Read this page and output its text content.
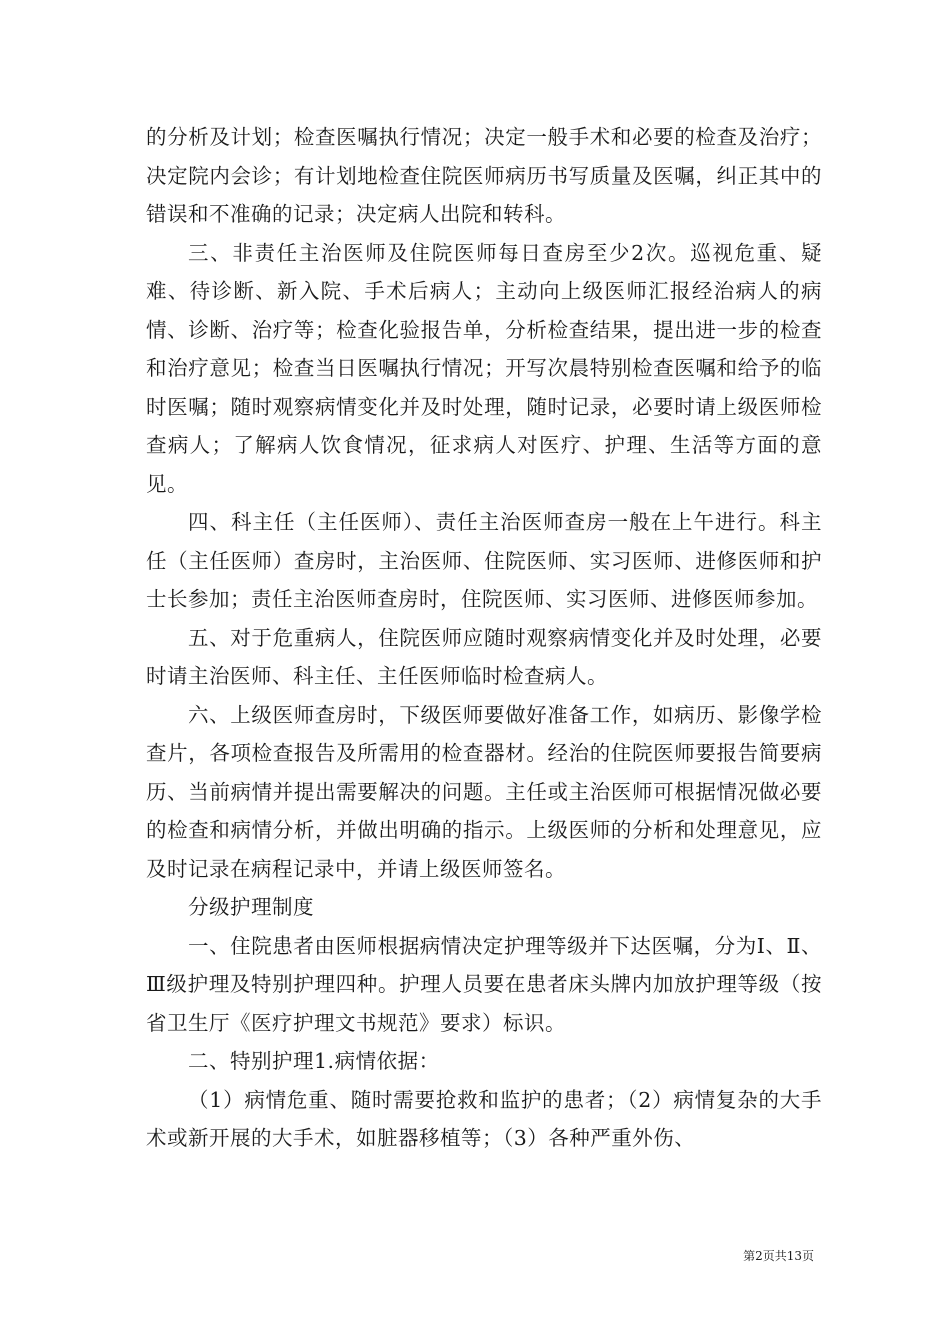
的分析及计划；检查医嘱执行情况；决定一般手术和必要的检查及治疗；决定院内会诊；有计划地检查住院医师病历书写质量及医嘱，纠正其中的错误和不准确的记录；决定病人出院和转科。

三、非责任主治医师及住院医师每日查房至少2次。巡视危重、疑难、待诊断、新入院、手术后病人；主动向上级医师汇报经治病人的病情、诊断、治疗等；检查化验报告单，分析检查结果，提出进一步的检查和治疗意见；检查当日医嘱执行情况；开写次晨特别检查医嘱和给予的临时医嘱；随时观察病情变化并及时处理，随时记录，必要时请上级医师检查病人；了解病人饮食情况，征求病人对医疗、护理、生活等方面的意见。

四、科主任（主任医师）、责任主治医师查房一般在上午进行。科主任（主任医师）查房时，主治医师、住院医师、实习医师、进修医师和护士长参加；责任主治医师查房时，住院医师、实习医师、进修医师参加。

五、对于危重病人，住院医师应随时观察病情变化并及时处理，必要时请主治医师、科主任、主任医师临时检查病人。

六、上级医师查房时，下级医师要做好准备工作，如病历、影像学检查片，各项检查报告及所需用的检查器材。经治的住院医师要报告简要病历、当前病情并提出需要解决的问题。主任或主治医师可根据情况做必要的检查和病情分析，并做出明确的指示。上级医师的分析和处理意见，应及时记录在病程记录中，并请上级医师签名。

分级护理制度

一、住院患者由医师根据病情决定护理等级并下达医嘱，分为Ⅰ、Ⅱ、Ⅲ级护理及特别护理四种。护理人员要在患者床头牌内加放护理等级（按省卫生厅《医疗护理文书规范》要求）标识。

二、特别护理1.病情依据：

（1）病情危重、随时需要抢救和监护的患者；（2）病情复杂的大手术或新开展的大手术，如脏器移植等；（3）各种严重外伤、

第2页共13页
